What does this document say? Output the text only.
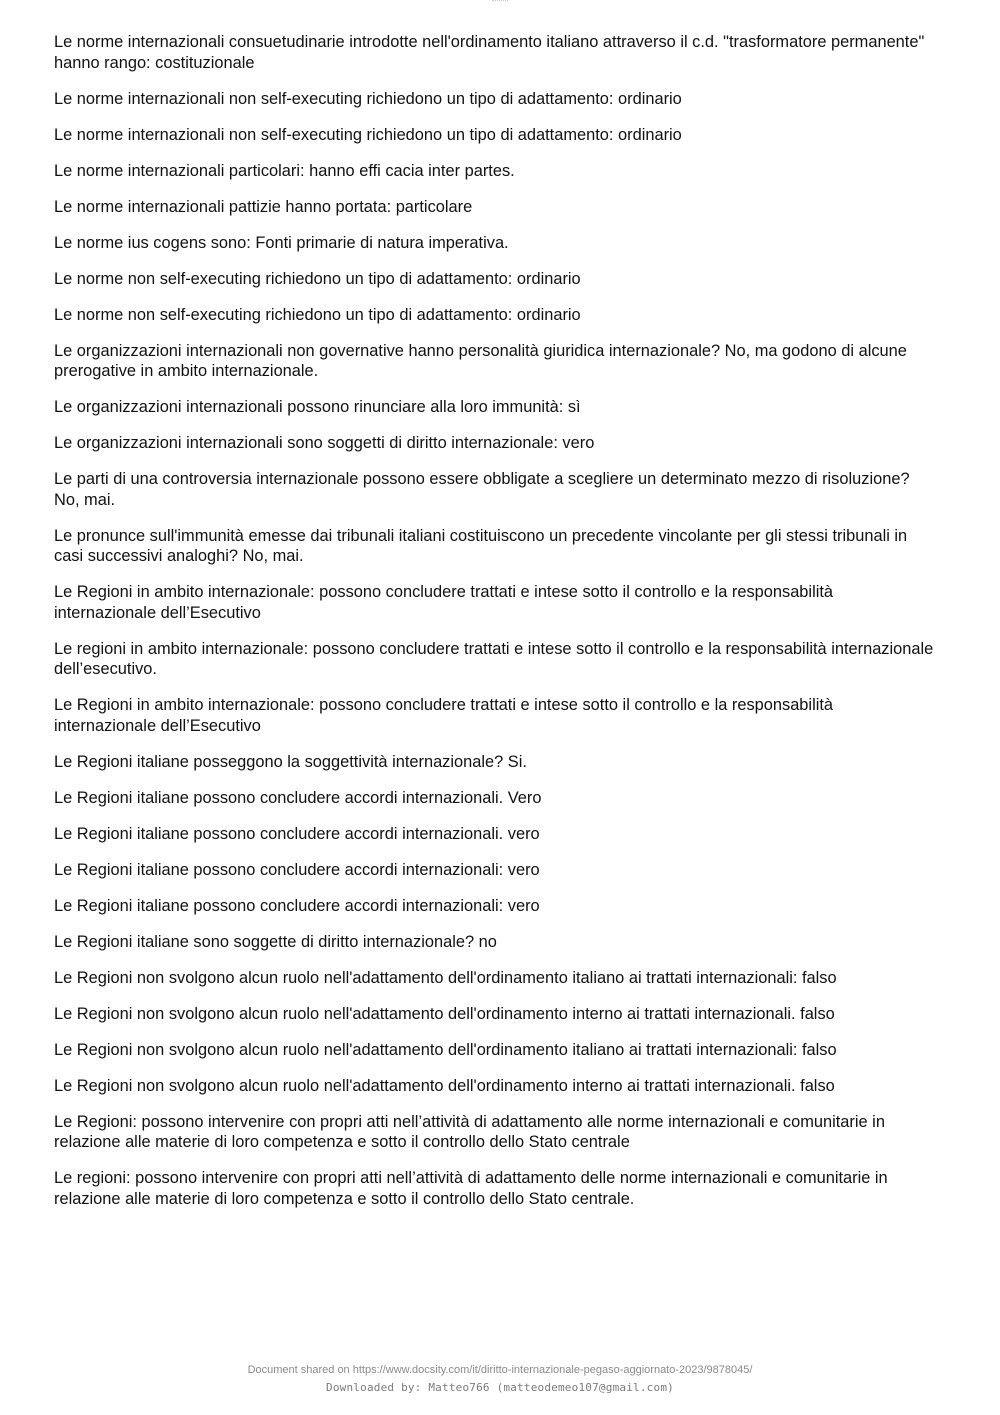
Le norme internazionali consuetudinarie introdotte nell'ordinamento italiano attraverso il c.d. "trasformatore permanente" hanno rango: costituzionale

Le norme internazionali non self-executing richiedono un tipo di adattamento: ordinario

Le norme internazionali non self-executing richiedono un tipo di adattamento: ordinario

Le norme internazionali particolari: hanno effi cacia inter partes.

Le norme internazionali pattizie hanno portata: particolare

Le norme ius cogens sono: Fonti primarie di natura imperativa.

Le norme non self-executing richiedono un tipo di adattamento: ordinario

Le norme non self-executing richiedono un tipo di adattamento: ordinario

Le organizzazioni internazionali non governative hanno personalità giuridica internazionale? No, ma godono di alcune prerogative in ambito internazionale.

Le organizzazioni internazionali possono rinunciare alla loro immunità: sì

Le organizzazioni internazionali sono soggetti di diritto internazionale: vero

Le parti di una controversia internazionale possono essere obbligate a scegliere un determinato mezzo di risoluzione? No, mai.

Le pronunce sull'immunità emesse dai tribunali italiani costituiscono un precedente vincolante per gli stessi tribunali in casi successivi analoghi? No, mai.

Le Regioni in ambito internazionale: possono concludere trattati e intese sotto il controllo e la responsabilità internazionale dell’Esecutivo

Le regioni in ambito internazionale: possono concludere trattati e intese sotto il controllo e la responsabilità internazionale dell’esecutivo.

Le Regioni in ambito internazionale: possono concludere trattati e intese sotto il controllo e la responsabilità internazionale dell’Esecutivo

Le Regioni italiane posseggono la soggettività internazionale? Si.

Le Regioni italiane possono concludere accordi internazionali. Vero

Le Regioni italiane possono concludere accordi internazionali. vero

Le Regioni italiane possono concludere accordi internazionali: vero

Le Regioni italiane possono concludere accordi internazionali: vero

Le Regioni italiane sono soggette di diritto internazionale? no

Le Regioni non svolgono alcun ruolo nell'adattamento dell'ordinamento italiano ai trattati internazionali: falso

Le Regioni non svolgono alcun ruolo nell'adattamento dell'ordinamento interno ai trattati internazionali. falso

Le Regioni non svolgono alcun ruolo nell'adattamento dell'ordinamento italiano ai trattati internazionali: falso

Le Regioni non svolgono alcun ruolo nell'adattamento dell'ordinamento interno ai trattati internazionali. falso

Le Regioni: possono intervenire con propri atti nell’attività di adattamento alle norme internazionali e comunitarie in relazione alle materie di loro competenza e sotto il controllo dello Stato centrale

Le regioni: possono intervenire con propri atti nell’attività di adattamento delle norme internazionali e comunitarie in relazione alle materie di loro competenza e sotto il controllo dello Stato centrale.

Document shared on https://www.docsity.com/it/diritto-internazionale-pegaso-aggiornato-2023/9878045/
Downloaded by: Matteo766 (matteodemeo107@gmail.com)
